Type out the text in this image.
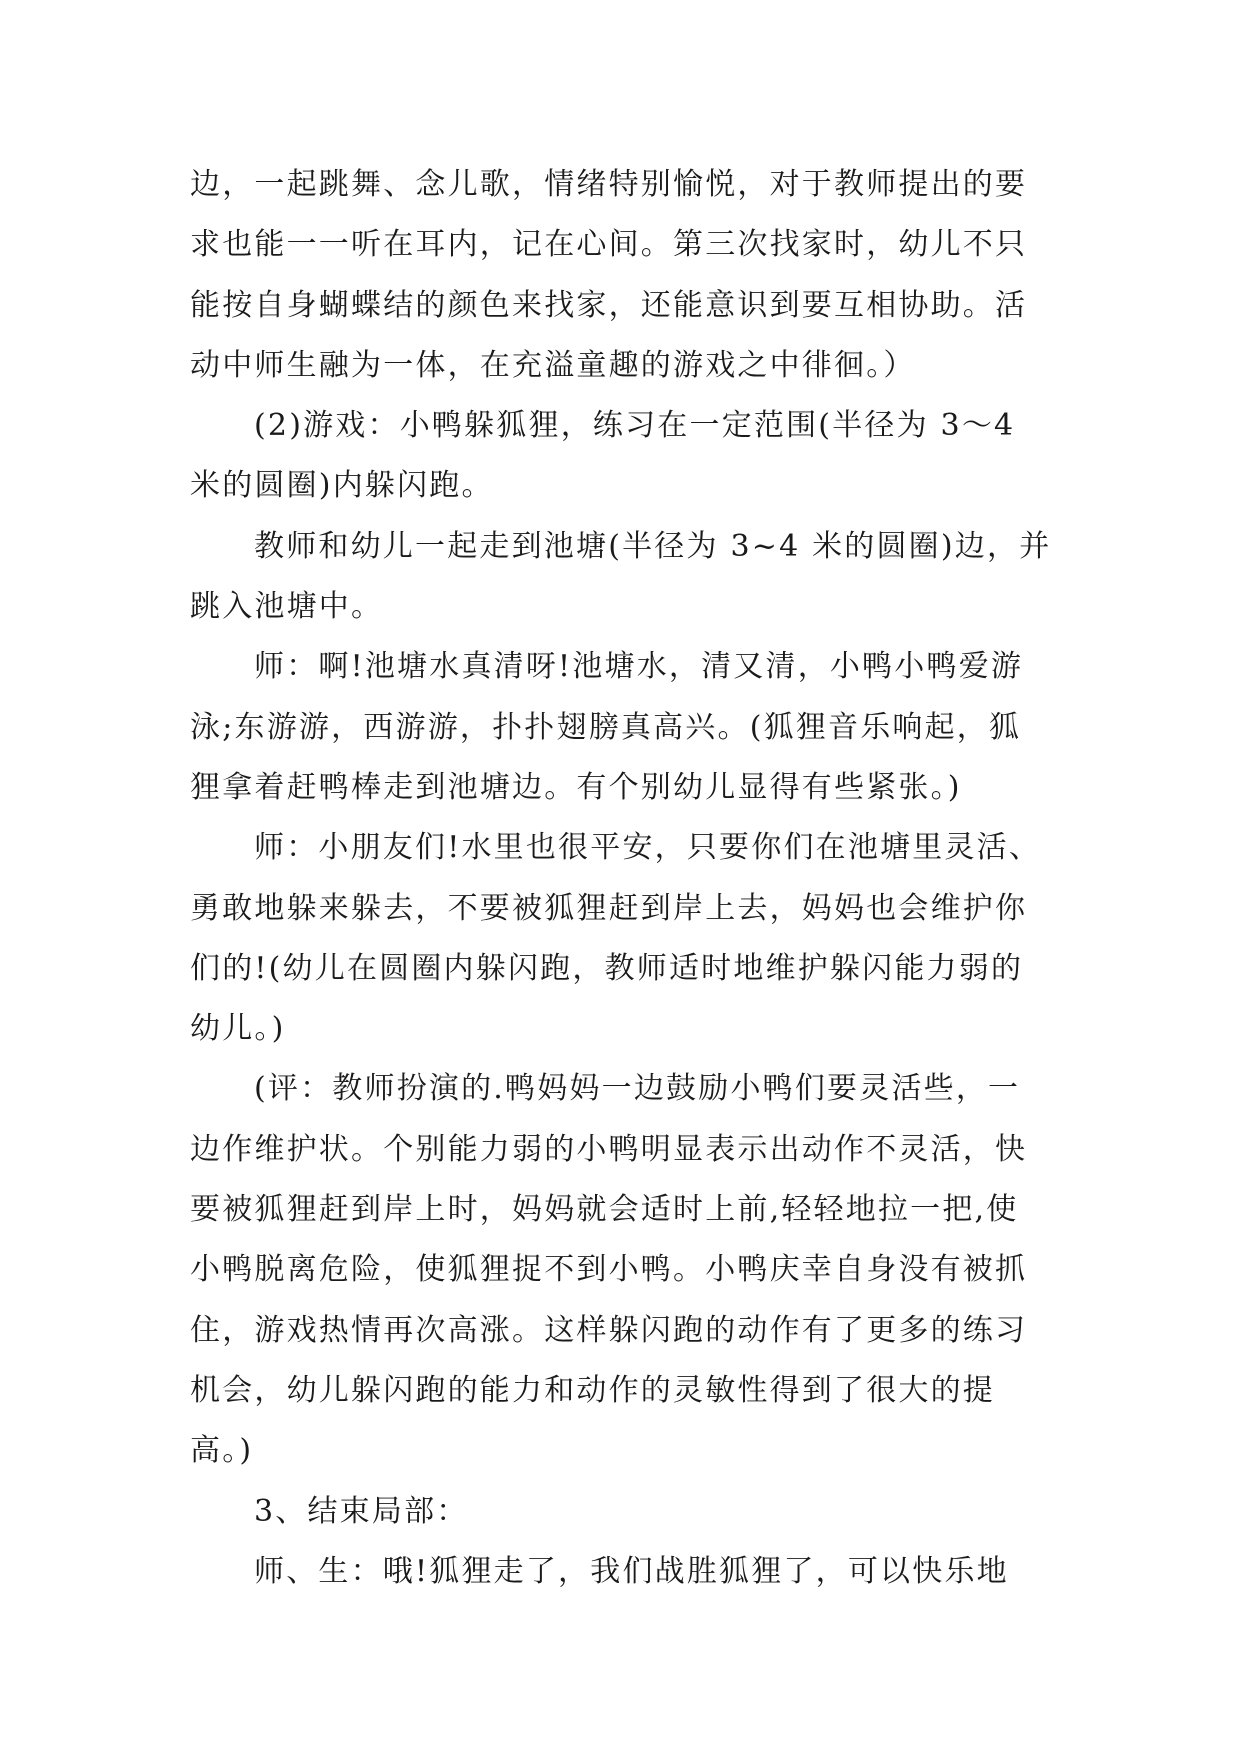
边，一起跳舞、念儿歌，情绪特别愉悦，对于教师提出的要
求也能一一听在耳内，记在心间。第三次找家时，幼儿不只
能按自身蝴蝶结的颜色来找家，还能意识到要互相协助。活
动中师生融为一体，在充溢童趣的游戏之中徘徊。）
(2)游戏：小鸭躲狐狸，练习在一定范围(半径为 3～4
米的圆圈)内躲闪跑。
教师和幼儿一起走到池塘(半径为 3~4 米的圆圈)边，并
跳入池塘中。
师：啊!池塘水真清呀!池塘水，清又清，小鸭小鸭爱游
泳;东游游，西游游，扑扑翅膀真高兴。(狐狸音乐响起，狐
狸拿着赶鸭棒走到池塘边。有个别幼儿显得有些紧张。)
师：小朋友们!水里也很平安，只要你们在池塘里灵活、
勇敢地躲来躲去，不要被狐狸赶到岸上去，妈妈也会维护你
们的!(幼儿在圆圈内躲闪跑，教师适时地维护躲闪能力弱的
幼儿。)
(评：教师扮演的.鸭妈妈一边鼓励小鸭们要灵活些，一
边作维护状。个别能力弱的小鸭明显表示出动作不灵活，快
要被狐狸赶到岸上时，妈妈就会适时上前,轻轻地拉一把,使
小鸭脱离危险，使狐狸捉不到小鸭。小鸭庆幸自身没有被抓
住，游戏热情再次高涨。这样躲闪跑的动作有了更多的练习
机会，幼儿躲闪跑的能力和动作的灵敏性得到了很大的提
高。)
3、结束局部：
师、生：哦!狐狸走了，我们战胜狐狸了，可以快乐地
